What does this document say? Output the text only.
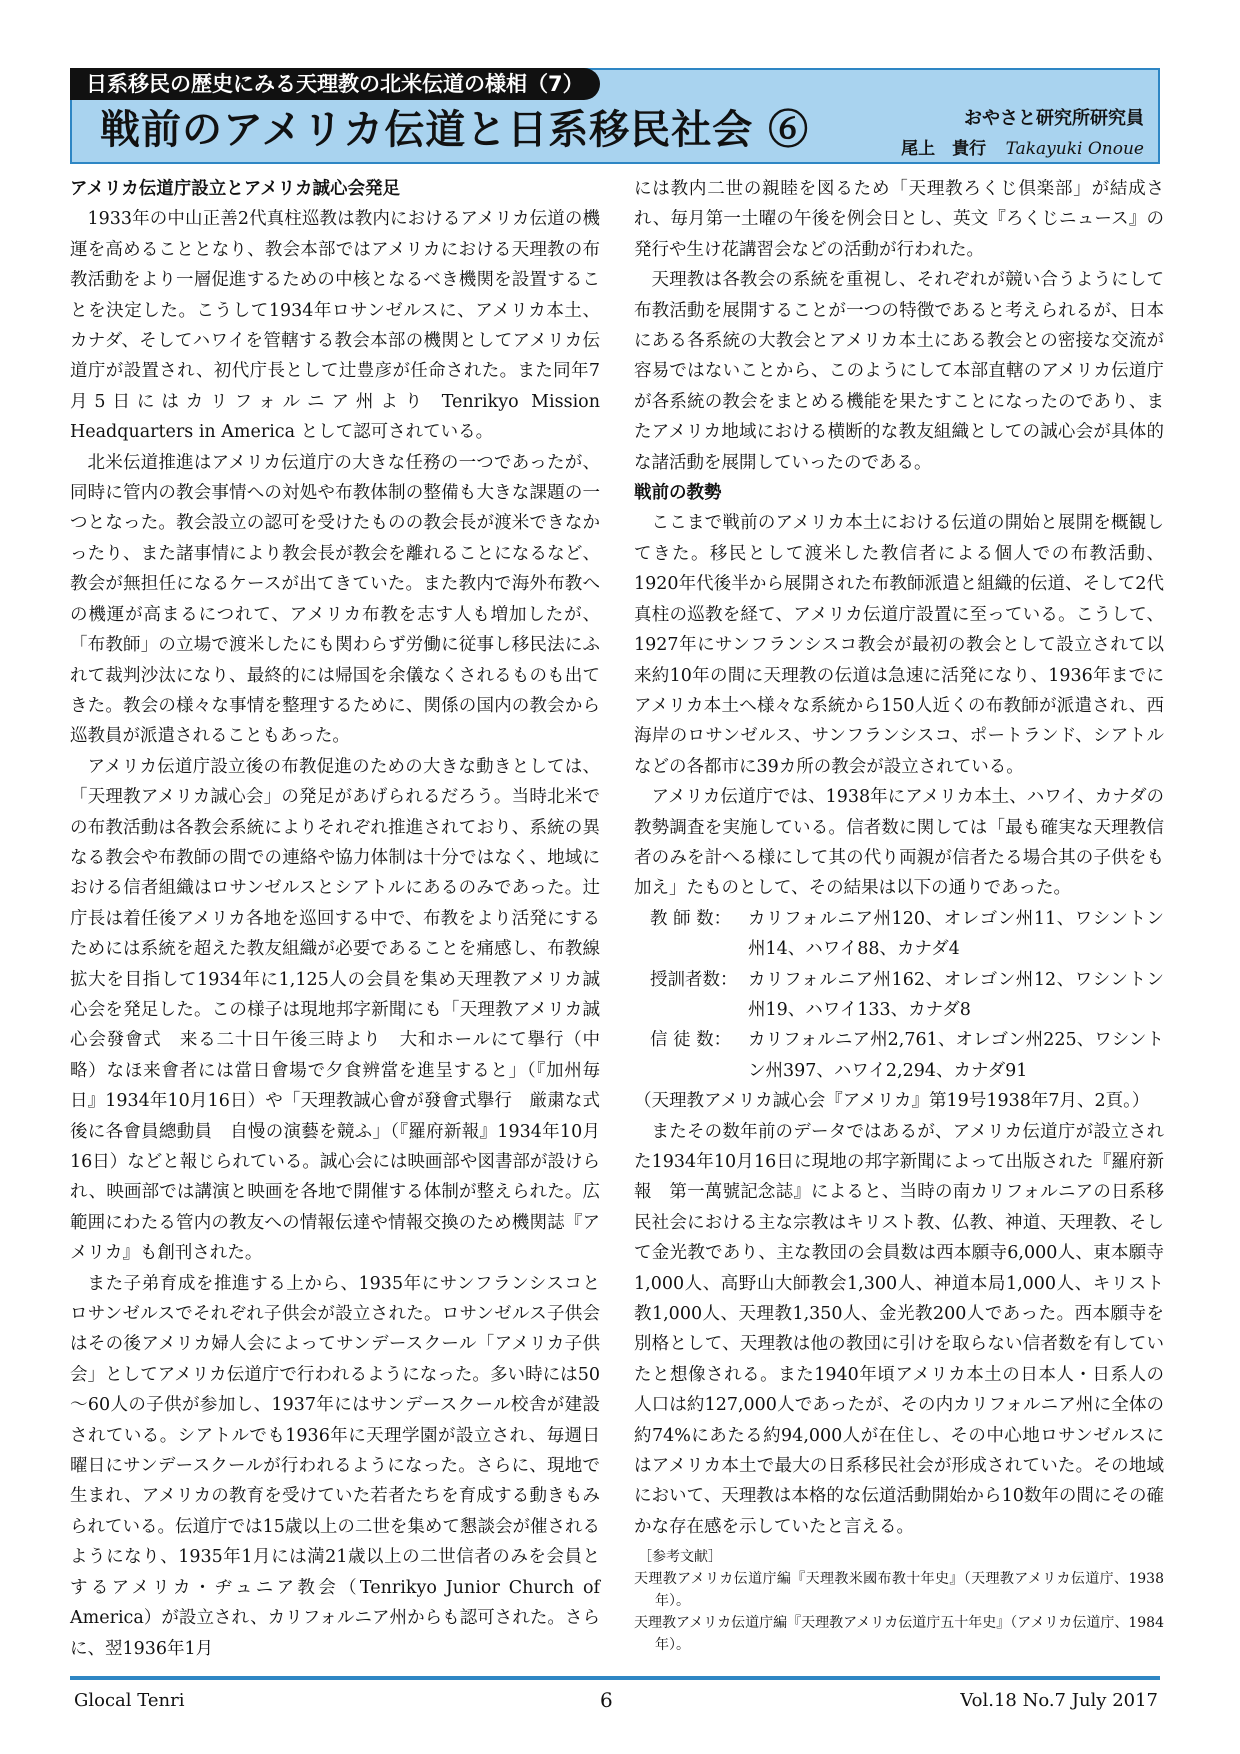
日系移民の歴史にみる天理教の北米伝道の様相（7）
戦前のアメリカ伝道と日系移民社会 ⑥	おやさと研究所研究員
尾上　貴行 Takayuki Onoue
アメリカ伝道庁設立とアメリカ誠心会発足

1933年の中山正善2代真柱巡教は教内におけるアメリカ伝道の機運を高めることとなり、教会本部ではアメリカにおける天理教の布教活動をより一層促進するための中核となるべき機関を設置することを決定した。こうして1934年ロサンゼルスに、アメリカ本土、カナダ、そしてハワイを管轄する教会本部の機関としてアメリカ伝道庁が設置され、初代庁長として辻豊彦が任命された。また同年7月5日にはカリフォルニア州より Tenrikyo Mission Headquarters in America として認可されている。

北米伝道推進はアメリカ伝道庁の大きな任務の一つであったが、同時に管内の教会事情への対処や布教体制の整備も大きな課題の一つとなった。教会設立の認可を受けたものの教会長が渡米できなかったり、また諸事情により教会長が教会を離れることになるなど、教会が無担任になるケースが出てきていた。また教内で海外布教への機運が高まるにつれて、アメリカ布教を志す人も増加したが、「布教師」の立場で渡米したにも関わらず労働に従事し移民法にふれて裁判沙汰になり、最終的には帰国を余儀なくされるものも出てきた。教会の様々な事情を整理するために、関係の国内の教会から巡教員が派遣されることもあった。

アメリカ伝道庁設立後の布教促進のための大きな動きとしては、「天理教アメリカ誠心会」の発足があげられるだろう。当時北米での布教活動は各教会系統によりそれぞれ推進されており、系統の異なる教会や布教師の間での連絡や協力体制は十分ではなく、地域における信者組織はロサンゼルスとシアトルにあるのみであった。辻庁長は着任後アメリカ各地を巡回する中で、布教をより活発にするためには系統を超えた教友組織が必要であることを痛感し、布教線拡大を目指して1934年に1,125人の会員を集め天理教アメリカ誠心会を発足した。この様子は現地邦字新聞にも「天理教アメリカ誠心会發會式　来る二十日午後三時より　大和ホールにて擧行（中略）なほ来會者には當日會場で夕食辨當を進呈すると」（『加州毎日』1934年10月16日）や「天理教誠心會が發會式擧行　厳粛な式後に各會員總動員　自慢の演藝を競ふ」（『羅府新報』1934年10月16日）などと報じられている。誠心会には映画部や図書部が設けられ、映画部では講演と映画を各地で開催する体制が整えられた。広範囲にわたる管内の教友への情報伝達や情報交換のため機関誌『アメリカ』も創刊された。

また子弟育成を推進する上から、1935年にサンフランシスコとロサンゼルスでそれぞれ子供会が設立された。ロサンゼルス子供会はその後アメリカ婦人会によってサンデースクール「アメリカ子供会」としてアメリカ伝道庁で行われるようになった。多い時には50～60人の子供が参加し、1937年にはサンデースクール校舎が建設されている。シアトルでも1936年に天理学園が設立され、毎週日曜日にサンデースクールが行われるようになった。さらに、現地で生まれ、アメリカの教育を受けていた若者たちを育成する動きもみられている。伝道庁では15歳以上の二世を集めて懇談会が催されるようになり、1935年1月には満21歳以上の二世信者のみを会員とするアメリカ・ヂュニア教会（Tenrikyo Junior Church of America）が設立され、カリフォルニア州からも認可された。さらに、翌1936年1月

には教内二世の親睦を図るため「天理教ろくじ倶楽部」が結成され、毎月第一土曜の午後を例会日とし、英文『ろくじニュース』の発行や生け花講習会などの活動が行われた。

天理教は各教会の系統を重視し、それぞれが競い合うようにして布教活動を展開することが一つの特徴であると考えられるが、日本にある各系統の大教会とアメリカ本土にある教会との密接な交流が容易ではないことから、このようにして本部直轄のアメリカ伝道庁が各系統の教会をまとめる機能を果たすことになったのであり、またアメリカ地域における横断的な教友組織としての誠心会が具体的な諸活動を展開していったのである。

戦前の教勢

ここまで戦前のアメリカ本土における伝道の開始と展開を概観してきた。移民として渡米した教信者による個人での布教活動、1920年代後半から展開された布教師派遣と組織的伝道、そして2代真柱の巡教を経て、アメリカ伝道庁設置に至っている。こうして、1927年にサンフランシスコ教会が最初の教会として設立されて以来約10年の間に天理教の伝道は急速に活発になり、1936年までにアメリカ本土へ様々な系統から150人近くの布教師が派遣され、西海岸のロサンゼルス、サンフランシスコ、ポートランド、シアトルなどの各都市に39カ所の教会が設立されている。

アメリカ伝道庁では、1938年にアメリカ本土、ハワイ、カナダの教勢調査を実施している。信者数に関しては「最も確実な天理教信者のみを計へる様にして其の代り両親が信者たる場合其の子供をも加え」たものとして、その結果は以下の通りであった。

教 師 数： カリフォルニア州120、オレゴン州11、ワシントン州14、ハワイ88、カナダ4
授訓者数： カリフォルニア州162、オレゴン州12、ワシントン州19、ハワイ133、カナダ8
信 徒 数： カリフォルニア州2,761、オレゴン州225、ワシントン州397、ハワイ2,294、カナダ91

（天理教アメリカ誠心会『アメリカ』第19号1938年7月、2頁。）

またその数年前のデータではあるが、アメリカ伝道庁が設立された1934年10月16日に現地の邦字新聞によって出版された『羅府新報　第一萬號記念誌』によると、当時の南カリフォルニアの日系移民社会における主な宗教はキリスト教、仏教、神道、天理教、そして金光教であり、主な教団の会員数は西本願寺6,000人、東本願寺1,000人、高野山大師教会1,300人、神道本局1,000人、キリスト教1,000人、天理教1,350人、金光教200人であった。西本願寺を別格として、天理教は他の教団に引けを取らない信者数を有していたと想像される。また1940年頃アメリカ本土の日本人・日系人の人口は約127,000人であったが、その内カリフォルニア州に全体の約74%にあたる約94,000人が在住し、その中心地ロサンゼルスにはアメリカ本土で最大の日系移民社会が形成されていた。その地域において、天理教は本格的な伝道活動開始から10数年の間にその確かな存在感を示していたと言える。

［参考文献］
天理教アメリカ伝道庁編『天理教米國布教十年史』（天理教アメリカ伝道庁、1938年）。
天理教アメリカ伝道庁編『天理教アメリカ伝道庁五十年史』（アメリカ伝道庁、1984年）。
Glocal Tenri	6	Vol.18 No.7 July 2017
